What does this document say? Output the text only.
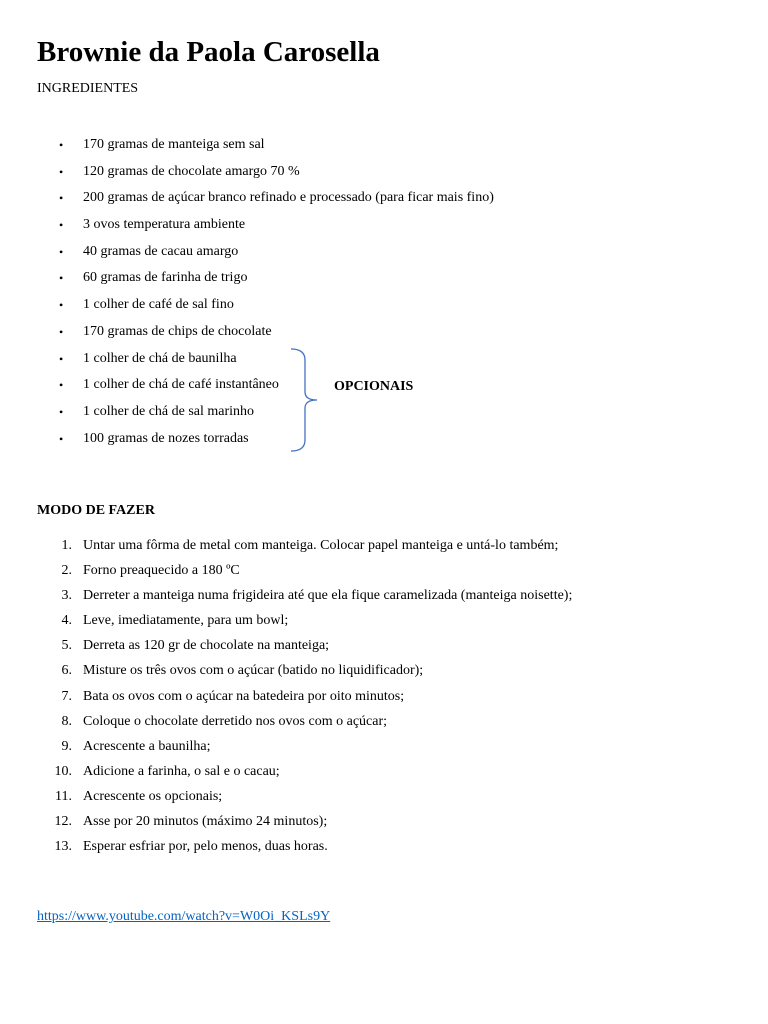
Brownie da Paola Carosella

INGREDIENTES

• 170 gramas de manteiga sem sal
• 120 gramas de chocolate amargo 70 %
• 200 gramas de açúcar branco refinado e processado (para ficar mais fino)
• 3 ovos temperatura ambiente
• 40 gramas de cacau amargo
• 60 gramas de farinha de trigo
• 1 colher de café de sal fino
• 170 gramas de chips de chocolate
• 1 colher de chá de baunilha
• 1 colher de chá de café instantâneo
• 1 colher de chá de sal marinho
• 100 gramas de nozes torradas
OPCIONAIS

MODO DE FAZER

1. Untar uma fôrma de metal com manteiga. Colocar papel manteiga e untá-lo também;
2. Forno preaquecido a 180 ºC
3. Derreter a manteiga numa frigideira até que ela fique caramelizada (manteiga noisette);
4. Leve, imediatamente, para um bowl;
5. Derreta as 120 gr de chocolate na manteiga;
6. Misture os três ovos com o açúcar (batido no liquidificador);
7. Bata os ovos com o açúcar na batedeira por oito minutos;
8. Coloque o chocolate derretido nos ovos com o açúcar;
9. Acrescente a baunilha;
10. Adicione a farinha, o sal e o cacau;
11. Acrescente os opcionais;
12. Asse por 20 minutos (máximo 24 minutos);
13. Esperar esfriar por, pelo menos, duas horas.
https://www.youtube.com/watch?v=W0Oi_KSLs9Y
